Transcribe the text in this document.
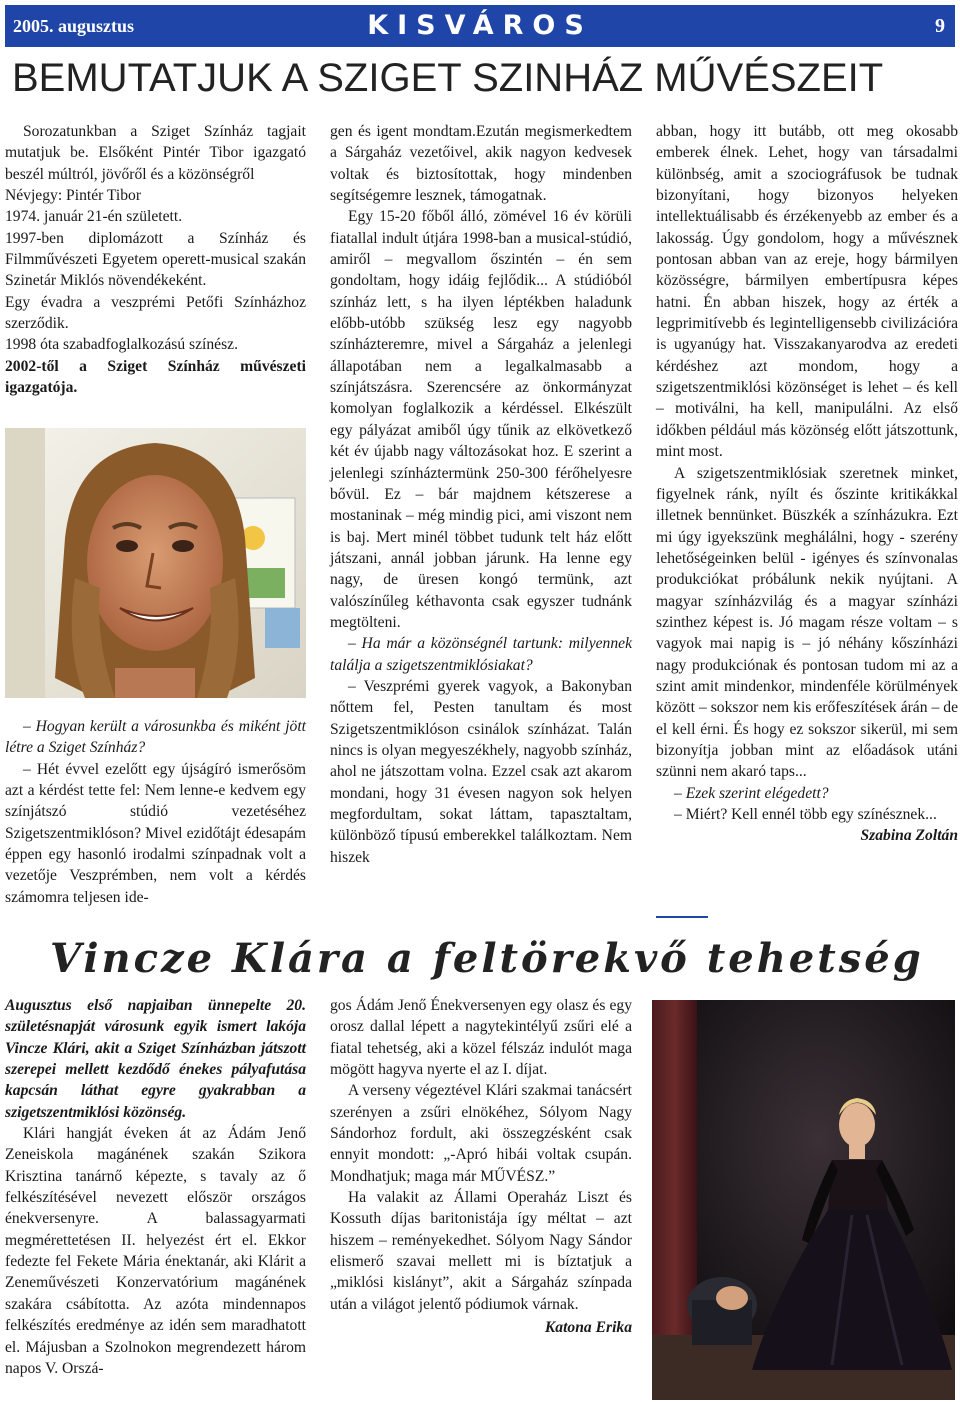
2005. augusztus	KISVÁROS	9
BEMUTATJUK A SZIGET SZINHÁZ MŰVÉSZEIT

Sorozatunkban a Sziget Színház tagjait mutatjuk be. Elsőként Pintér Tibor igazgató beszél múltról, jövőről és a közönségről

Névjegy: Pintér Tibor

1974. január 21-én született.

1997-ben diplomázott a Színház és Filmművészeti Egyetem operett-musical szakán Szinetár Miklós növendékeként.

Egy évadra a veszprémi Petőfi Színházhoz szerződik.

1998 óta szabadfoglalkozású színész.

2002-től a Sziget Színház művészeti igazgatója.

– Hogyan került a városunkba és miként jött létre a Sziget Színház?

– Hét évvel ezelőtt egy újságíró ismerősöm azt a kérdést tette fel: Nem lenne-e kedvem egy színjátszó stúdió vezetéséhez Szigetszentmiklóson? Mivel ezidőtájt édesapám éppen egy hasonló irodalmi színpadnak volt a vezetője Veszprémben, nem volt a kérdés számomra teljesen ide-

gen és igent mondtam.Ezután megismerkedtem a Sárgaház vezetőivel, akik nagyon kedvesek voltak és biztosítottak, hogy mindenben segítségemre lesznek, támogatnak.

Egy 15-20 főből álló, zömével 16 év körüli fiatallal indult útjára 1998-ban a musical-stúdió, amiről – megvallom őszintén – én sem gondoltam, hogy idáig fejlődik... A stúdióból színház lett, s ha ilyen léptékben haladunk előbb-utóbb szükség lesz egy nagyobb színházteremre, mivel a Sárgaház a jelenlegi állapotában nem a legalkalmasabb a színjátszásra. Szerencsére az önkormányzat komolyan foglalkozik a kérdéssel. Elkészült egy pályázat amiből úgy tűnik az elkövetkező két év újabb nagy változásokat hoz. E szerint a jelenlegi színháztermünk 250-300 férőhelyesre bővül. Ez – bár majdnem kétszerese a mostaninak – még mindig pici, ami viszont nem is baj. Mert minél többet tudunk telt ház előtt játszani, annál jobban járunk. Ha lenne egy nagy, de üresen kongó termünk, azt valószínűleg kéthavonta csak egyszer tudnánk megtölteni.

– Ha már a közönségnél tartunk: milyennek találja a szigetszentmiklósiakat?

– Veszprémi gyerek vagyok, a Bakonyban nőttem fel, Pesten tanultam és most Szigetszentmiklóson csinálok színházat. Talán nincs is olyan megyeszékhely, nagyobb színház, ahol ne játszottam volna. Ezzel csak azt akarom mondani, hogy 31 évesen nagyon sok helyen megfordultam, sokat láttam, tapasztaltam, különböző típusú emberekkel találkoztam. Nem hiszek

abban, hogy itt butább, ott meg okosabb emberek élnek. Lehet, hogy van társadalmi különbség, amit a szociográfusok be tudnak bizonyítani, hogy bizonyos helyeken intellektuálisabb és érzékenyebb az ember és a lakosság. Úgy gondolom, hogy a művésznek pontosan abban van az ereje, hogy bármilyen közösségre, bármilyen embertípusra képes hatni. Én abban hiszek, hogy az érték a legprimitívebb és legintelligensebb civilizációra is ugyanúgy hat. Visszakanyarodva az eredeti kérdéshez azt mondom, hogy a szigetszentmiklósi közönséget is lehet – és kell – motiválni, ha kell, manipulálni. Az első időkben például más közönség előtt játszottunk, mint most.

A szigetszentmiklósiak szeretnek minket, figyelnek ránk, nyílt és őszinte kritikákkal illetnek bennünket. Büszkék a színházukra. Ezt mi úgy igyekszünk meghálálni, hogy - szerény lehetőségeinken belül - igényes és színvonalas produkciókat próbálunk nekik nyújtani. A magyar színházvilág és a magyar színházi szinthez képest is. Jó magam része voltam – s vagyok mai napig is – jó néhány kőszínházi nagy produkciónak és pontosan tudom mi az a szint amit mindenkor, mindenféle körülmények között – sokszor nem kis erőfeszítések árán – de el kell érni. És hogy ez sokszor sikerül, mi sem bizonyítja jobban mint az előadások utáni szünni nem akaró taps...

– Ezek szerint elégedett?

– Miért? Kell ennél több egy színésznek...

Szabina Zoltán

Vincze Klára a feltörekvő tehetség

Augusztus első napjaiban ünnepelte 20. születésnapját városunk egyik ismert lakója Vincze Klári, akit a Sziget Színházban játszott szerepei mellett kezdődő énekes pályafutása kapcsán láthat egyre gyakrabban a szigetszentmiklósi közönség.

Klári hangját éveken át az Ádám Jenő Zeneiskola magánének szakán Szikora Krisztina tanárnő képezte, s tavaly az ő felkészítésével nevezett először országos énekversenyre. A balassagyarmati megmérettetésen II. helyezést ért el. Ekkor fedezte fel Fekete Mária énektanár, aki Klárit a Zeneművészeti Konzervatórium magánének szakára csábította. Az azóta mindennapos felkészítés eredménye az idén sem maradhatott el. Májusban a Szolnokon megrendezett három napos V. Orszá-

gos Ádám Jenő Énekversenyen egy olasz és egy orosz dallal lépett a nagytekintélyű zsűri elé a fiatal tehetség, aki a közel félszáz indulót maga mögött hagyva nyerte el az I. díjat.

A verseny végeztével Klári szakmai tanácsért szerényen a zsűri elnökéhez, Sólyom Nagy Sándorhoz fordult, aki összegzésként csak ennyit mondott: „-Apró hibái voltak csupán. Mondhatjuk; maga már MŰVÉSZ.”

Ha valakit az Állami Operaház Liszt és Kossuth díjas baritonistája így méltat – azt hiszem – reményekedhet. Sólyom Nagy Sándor elismerő szavai mellett mi is bíztatjuk a „miklósi kislányt”, akit a Sárgaház színpada után a világot jelentő pódiumok várnak.

Katona Erika
